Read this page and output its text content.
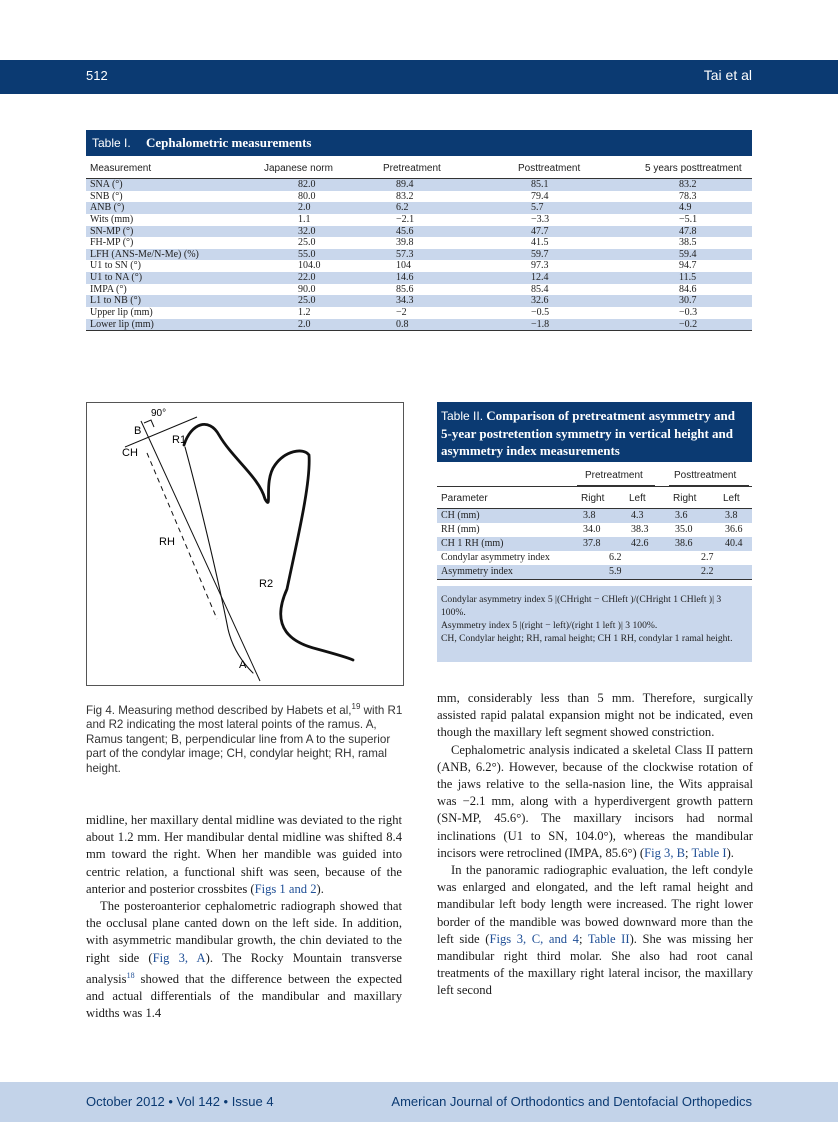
512	Tai et al
Table I. Cephalometric measurements
Measurement	Japanese norm	Pretreatment	Posttreatment	5 years posttreatment
SNA (°)	82.0	89.4	85.1	83.2
SNB (°)	80.0	83.2	79.4	78.3
ANB (°)	2.0	6.2	5.7	4.9
Wits (mm)	1.1	−2.1	−3.3	−5.1
SN-MP (°)	32.0	45.6	47.7	47.8
FH-MP (°)	25.0	39.8	41.5	38.5
LFH (ANS-Me/N-Me) (%)	55.0	57.3	59.7	59.4
U1 to SN (°)	104.0	104	97.3	94.7
U1 to NA (°)	22.0	14.6	12.4	11.5
IMPA (°)	90.0	85.6	85.4	84.6
L1 to NB (°)	25.0	34.3	32.6	30.7
Upper lip (mm)	1.2	−2	−0.5	−0.3
Lower lip (mm)	2.0	0.8	−1.8	−0.2
90°
B
CH
R1
RH
R2
A
Fig 4. Measuring method described by Habets et al,$^{19}$ with R1 and R2 indicating the most lateral points of the ramus. A, Ramus tangent; B, perpendicular line from A to the superior part of the condylar image; CH, condylar height; RH, ramal height.
Table II. Comparison of pretreatment asymmetry and 5-year postretention symmetry in vertical height and asymmetry index measurements
Pretreatment	Posttreatment
Parameter	Right Left	Right	Left
CH (mm)	3.8	4.3	3.6	3.8
RH (mm)	34.0	38.3	35.0	36.6
CH 1 RH (mm)	37.8	42.6	38.6	40.4
Condylar asymmetry index	6.2	2.7
Asymmetry index	5.9	2.2
Condylar asymmetry index 5 |(CHright − CHleft )/(CHright 1 CHleft )| 3 100%.
Asymmetry index 5 |(right − left)/(right 1 left )| 3 100%.
CH, Condylar height; RH, ramal height; CH 1 RH, condylar 1 ramal height.

midline, her maxillary dental midline was deviated to the right about 1.2 mm. Her mandibular dental midline was shifted 8.4 mm toward the right. When her mandible was guided into centric relation, a functional shift was seen, because of the anterior and posterior crossbites (Figs 1 and 2).

The posteroanterior cephalometric radiograph showed that the occlusal plane canted down on the left side. In addition, with asymmetric mandibular growth, the chin deviated to the right side (Fig 3, A). The Rocky Mountain transverse analysis$^{18}$ showed that the difference between the expected and actual differentials of the mandibular and maxillary widths was 1.4

mm, considerably less than 5 mm. Therefore, surgically assisted rapid palatal expansion might not be indicated, even though the maxillary left segment showed constriction.

Cephalometric analysis indicated a skeletal Class II pattern (ANB, 6.2°). However, because of the clockwise rotation of the jaws relative to the sella-nasion line, the Wits appraisal was −2.1 mm, along with a hyperdivergent growth pattern (SN-MP, 45.6°). The maxillary incisors had normal inclinations (U1 to SN, 104.0°), whereas the mandibular incisors were retroclined (IMPA, 85.6°) (Fig 3, B; Table I).

In the panoramic radiographic evaluation, the left condyle was enlarged and elongated, and the left ramal height and mandibular left body length were increased. The right lower border of the mandible was bowed downward more than the left side (Figs 3, C, and 4; Table II). She was missing her mandibular right third molar. She also had root canal treatments of the maxillary right lateral incisor, the maxillary left second

October 2012 • Vol 142 • Issue 4	American Journal of Orthodontics and Dentofacial Orthopedics
